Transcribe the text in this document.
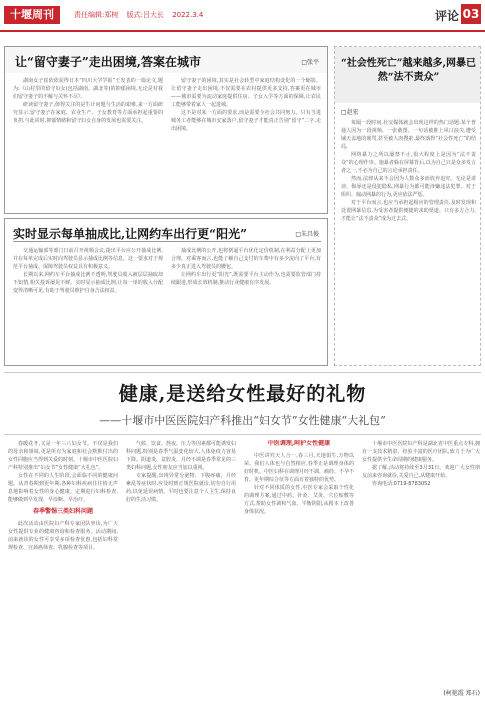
十堰周刊	责任编辑:郑树 版式:吕大长 2022.3.4	评论 03
让“留守妻子”走出困境,答案在城市	□张平

湖南女子崔依依获得日本“四川大学学报”王发表的一篇论文,题为:《山村里的留守妇女(包括湖南、湖北等)的抑郁困境,无论是对我们留守妻子的不解与关怀不尽》。

研读留守妻子,值得关注的是生计问题与生活的艰难,来一方面研究显示,留守妻子在家庭、农业生产、子女教育等方面承担起重要的负担,与此同时,抑郁情绪和留守妇女自身的发展也需要关注。

留守妻子的困境,其实是社会转型中家庭结构变化的一个缩影。让留守妻子走出困境,不仅需要在农村提供更多支持,答案更在城市——城市需要为流动家庭提供住房、子女入学等方面的保障,让农民工能够带着家人一起进城。

这不是对某一方面的要求,而是需要全社会共同努力。只有当进城务工者能够在城市安家落户,留守妻子才能真正告别“留守”二字,走出困境。

实时显示每单抽成比,让网约车出行更“阳光”	□朱昌俊

交通运输部等部门日前召开视频会议,提出平台应公开抽成比例,并在每单完成后实时向驾驶员显示抽成比例等信息。这一要求对于规范平台抽成、保障驾驶员权益具有积极意义。

长期以来,网约车平台抽成比例不透明,驾驶员收入被层层抽取却不知情,相关投诉屡见不鲜。实时显示抽成比例,让每一单的收入分配变得清晰可见,有助于驾驶员维护自身合法权益。

抽成比例的公开,也将倒逼平台优化定价机制,在利益分配上更加合理。对乘客而言,也能了解自己支付的车费中有多少流向了平台,有多少真正进入驾驶员的腰包。

让网约车出行更“阳光”,既需要平台主动作为,也需要监管部门持续跟进,形成长效机制,推动行业健康有序发展。

“社会性死亡”越来越多,网暴已然“法不责众”
□赵宏

每隔一段时间,社交媒体就会出现这样的热门话题:某个普通人因为一段视频、一张截图、一句话被推上风口浪尖,遭受铺天盖地的谩骂,甚至被人肉搜索,最终落得“社会性死亡”的结局。

网络暴力之所以屡禁不止,很大程度上是因为“法不责众”的心理作祟。施暴者躲在屏幕背后,以为自己只是众多发言者之一,不必为自己的言论承担责任。

然而,法律从来不会因为人数众多而放弃追究。无论是诽谤、侮辱还是侵犯隐私,网暴行为都可能涉嫌违法犯罪。对于组织、煽动网暴的行为,更应依法严惩。

对于平台而言,也应当承担起相应的管理责任,及时发现和处置网暴信息,为受害者提供便捷的求助渠道。只有多方合力,才能让“法不责众”成为过去式。

健康,是送给女性最好的礼物
——十堰市中医医院妇产科推出“妇女节”女性健康“大礼包”

春暖花开,又是一年三八妇女节。不仅是我们的母亲和姐妹,更是所有为家庭和社会默默付出的女性同胞应当得到关爱的时刻。十堰市中医医院妇产科特别推出“妇女节”女性健康“大礼包”。

女性在不同的人生阶段,会面临不同的健康问题。从青春期到更年期,各种妇科疾病往往悄无声息地影响着女性的身心健康。定期进行妇科检查,能够做到早发现、早诊断、早治疗。

春季警惕三类妇科问题

此次活动由医院妇产科专家团队坐诊,为广大女性提供专业的健康咨询和检查服务。活动期间,前来就诊的女性可享受多项检查优惠,包括妇科常规检查、宫颈癌筛查、乳腺检查等项目。

气候、饮食、熬夜、压力等因素都可能诱发妇科问题,特别是春季气温变化较大,人体免疫力容易下降。阴道炎、盆腔炎、月经不调是春季常见的三类妇科问题,女性朋友应当加以重视。

专家提醒,出现异常分泌物、下腹疼痛、月经紊乱等症状时,应及时到正规医院就诊,切勿自行用药,以免延误病情。平时也要注意个人卫生,保持良好的生活习惯。

中医调理,呵护女性健康

中医讲究天人合一,春三月,天地俱生,万物以荣。我们人体也与自然相应,春季正是调理身体的好时机。中医妇科在调理月经不调、痛经、不孕不育、更年期综合征等方面有着独特的优势。

针对不同体质的女性,中医专家会采取个性化的调理方案,通过中药、针灸、艾灸、穴位贴敷等方式,帮助女性调和气血、平衡阴阳,从根本上改善身体状况。

十堰市中医医院妇产科是湖北省中医重点专科,拥有一支技术精湛、经验丰富的医疗团队,致力于为广大女性提供全生命周期的健康服务。

据了解,活动将持续至3月31日。欢迎广大女性朋友前来咨询就诊,关爱自己,从健康开始。

咨询电话:0719-8783052

(柯艳霞 郑石)
